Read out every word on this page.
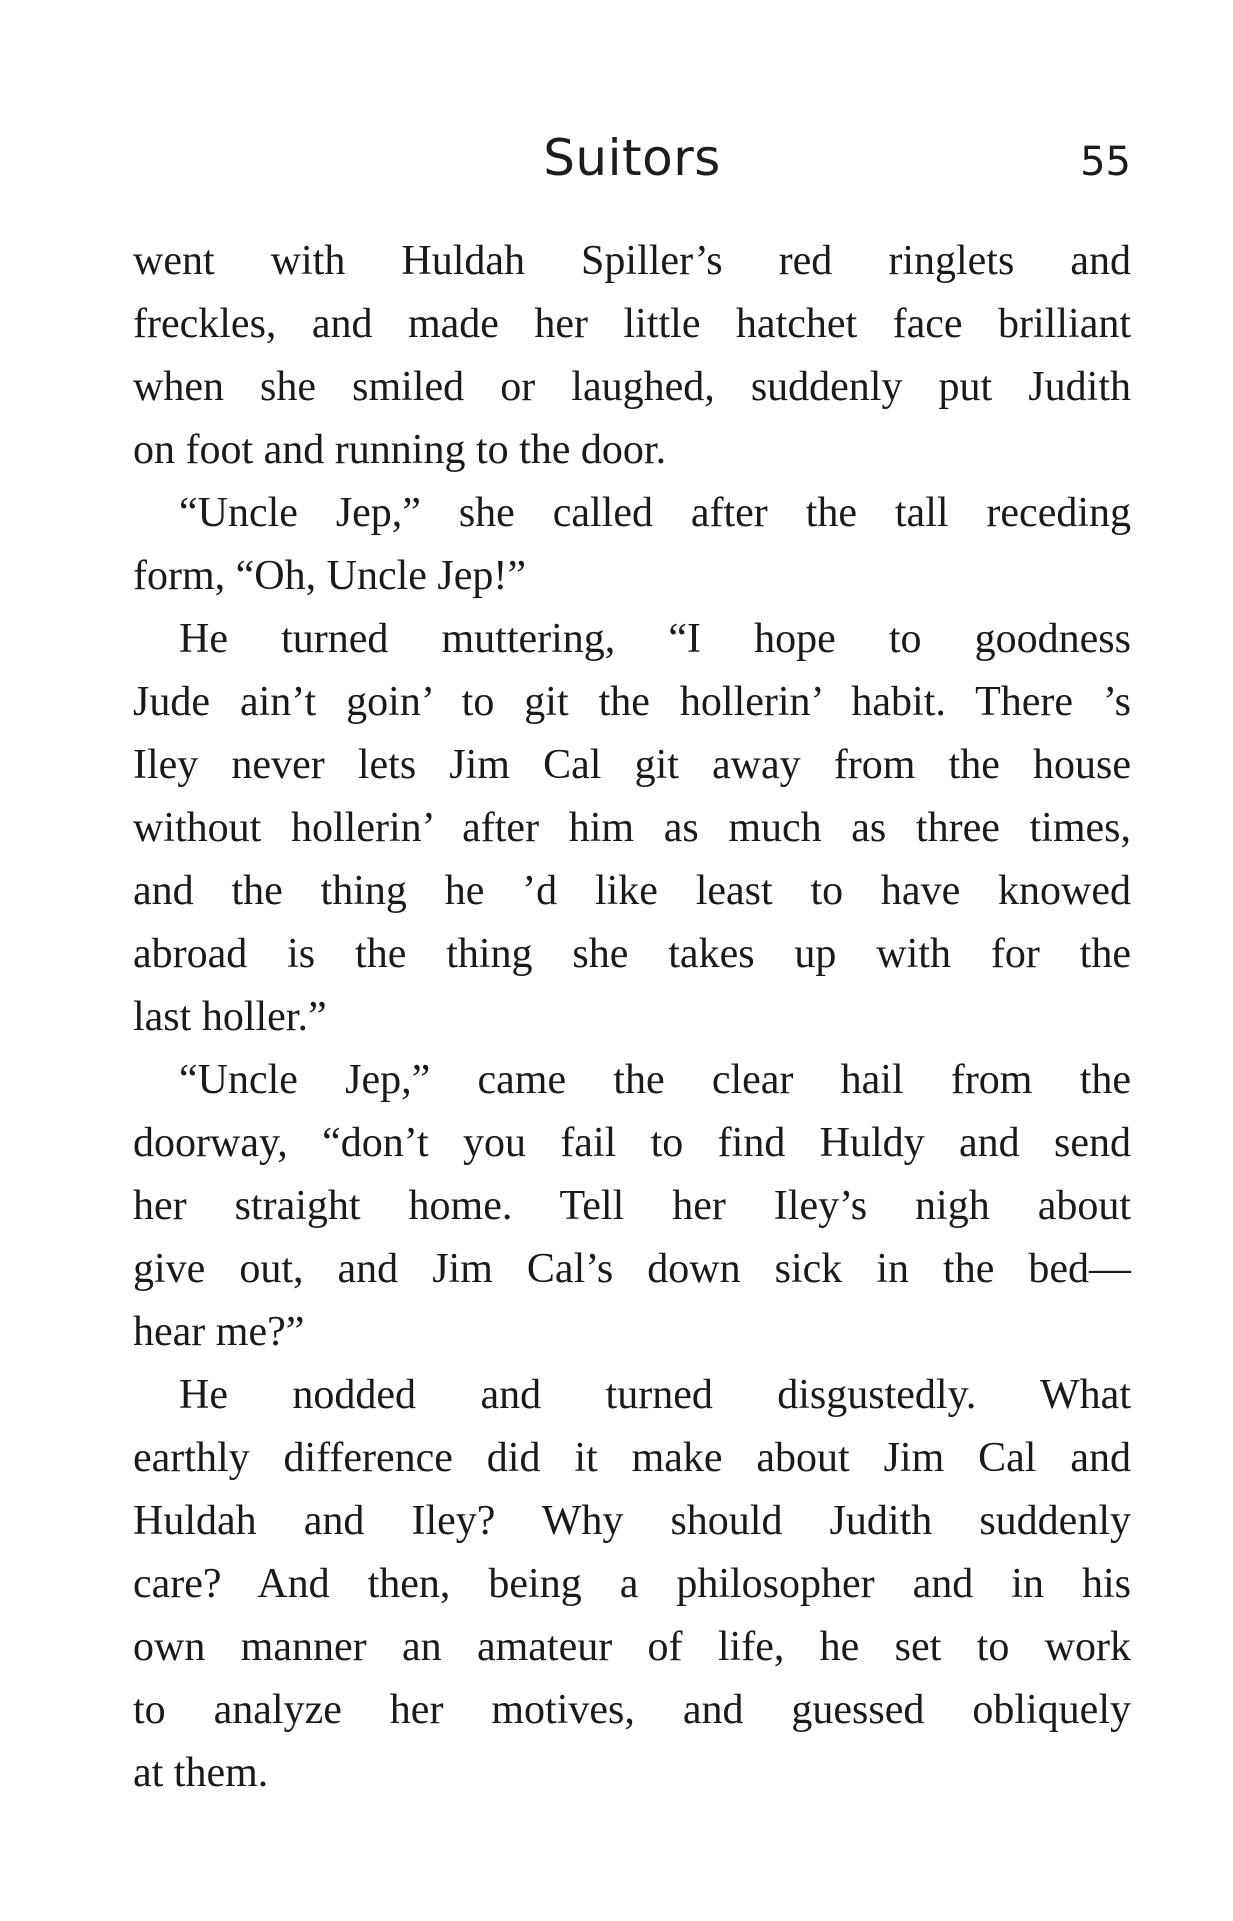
Suitors	55
went with Huldah Spiller’s red ringlets and
freckles, and made her little hatchet face brilliant
when she smiled or laughed, suddenly put Judith
on foot and running to the door.
“Uncle Jep,” she called after the tall receding
form, “Oh, Uncle Jep!”
He turned muttering, “I hope to goodness
Jude ain’t goin’ to git the hollerin’ habit. There ’s
Iley never lets Jim Cal git away from the house
without hollerin’ after him as much as three times,
and the thing he ’d like least to have knowed
abroad is the thing she takes up with for the
last holler.”
“Uncle Jep,” came the clear hail from the
doorway, “don’t you fail to find Huldy and send
her straight home. Tell her Iley’s nigh about
give out, and Jim Cal’s down sick in the bed—
hear me?”
He nodded and turned disgustedly. What
earthly difference did it make about Jim Cal and
Huldah and Iley? Why should Judith suddenly
care? And then, being a philosopher and in his
own manner an amateur of life, he set to work
to analyze her motives, and guessed obliquely
at them.
